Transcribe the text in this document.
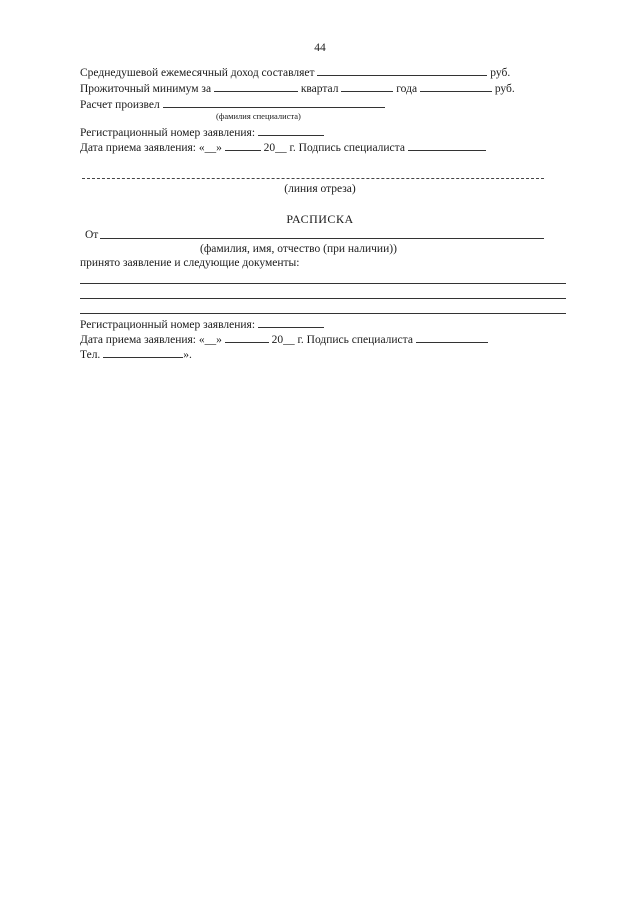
44
Среднедушевой ежемесячный доход составляет	руб.
Прожиточный минимум за	квартал	года	руб.
Расчет произвел
(фамилия специалиста)
Регистрационный номер заявления:
Дата приема заявления: «__»	20__ г. Подпись специалиста
(линия отреза)
РАСПИСКА
От
(фамилия, имя, отчество (при наличии))
принято заявление и следующие документы:
Регистрационный номер заявления:
Дата приема заявления: «__»	20__ г. Подпись специалиста
Тел.	».
